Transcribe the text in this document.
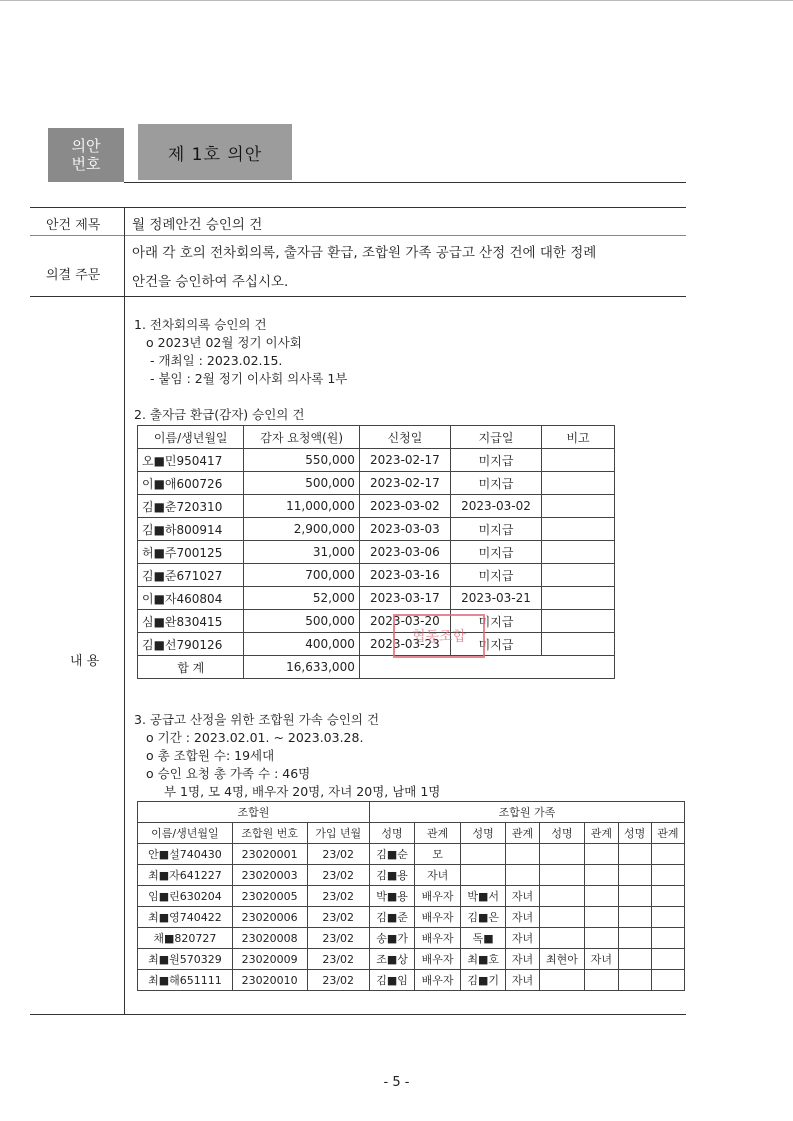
의안
번호	제 1호 의안
안건 제목 월 정례안건 승인의 건
의결 주문
아래 각 호의 전차회의록, 출자금 환급, 조합원 가족 공급고 산정 건에 대한 정례
안건을 승인하여 주십시오.
내 용
1. 전차회의록 승인의 건
o 2023년 02월 정기 이사회
- 개최일 : 2023.02.15.
- 붙임 : 2월 정기 이사회 의사록 1부
2. 출자금 환급(감자) 승인의 건
이름/생년월일	감자 요청액(원)	신청일	지급일	비고
오■민950417	550,000	2023-02-17	미지급	
이■애600726	500,000	2023-02-17	미지급	
김■춘720310	11,000,000	2023-03-02	2023-03-02	
김■하800914	2,900,000	2023-03-03	미지급	
허■주700125	31,000	2023-03-06	미지급	
김■준671027	700,000	2023-03-16	미지급	
이■자460804	52,000	2023-03-17	2023-03-21	
심■완830415	500,000	2023-03-20	미지급	
김■선790126	400,000	2023-03-23	미지급	
합 계	16,633,000			
협동조합
3. 공급고 산정을 위한 조합원 가속 승인의 건
o 기간 : 2023.02.01. ~ 2023.03.28.
o 총 조합원 수: 19세대
o 승인 요청 총 가족 수 : 46명
부 1명, 모 4명, 배우자 20명, 자녀 20명, 남매 1명
조합원			조합원 가족							
이름/생년월일	조합원 번호	가입 년월	성명	관계	성명	관계	성명	관계	성명	관계
안■설740430	23020001	23/02	김■순	모						
최■자641227	23020003	23/02	김■용	자녀						
임■린630204	23020005	23/02	박■용	배우자	박■서	자녀				
최■영740422	23020006	23/02	김■준	배우자	김■은	자녀				
채■820727	23020008	23/02	송■가	배우자	독■	자녀				
최■원570329	23020009	23/02	조■상	배우자	최■호	자녀	최현아	자녀		
최■해651111	23020010	23/02	김■임	배우자	김■기	자녀				
- 5 -
